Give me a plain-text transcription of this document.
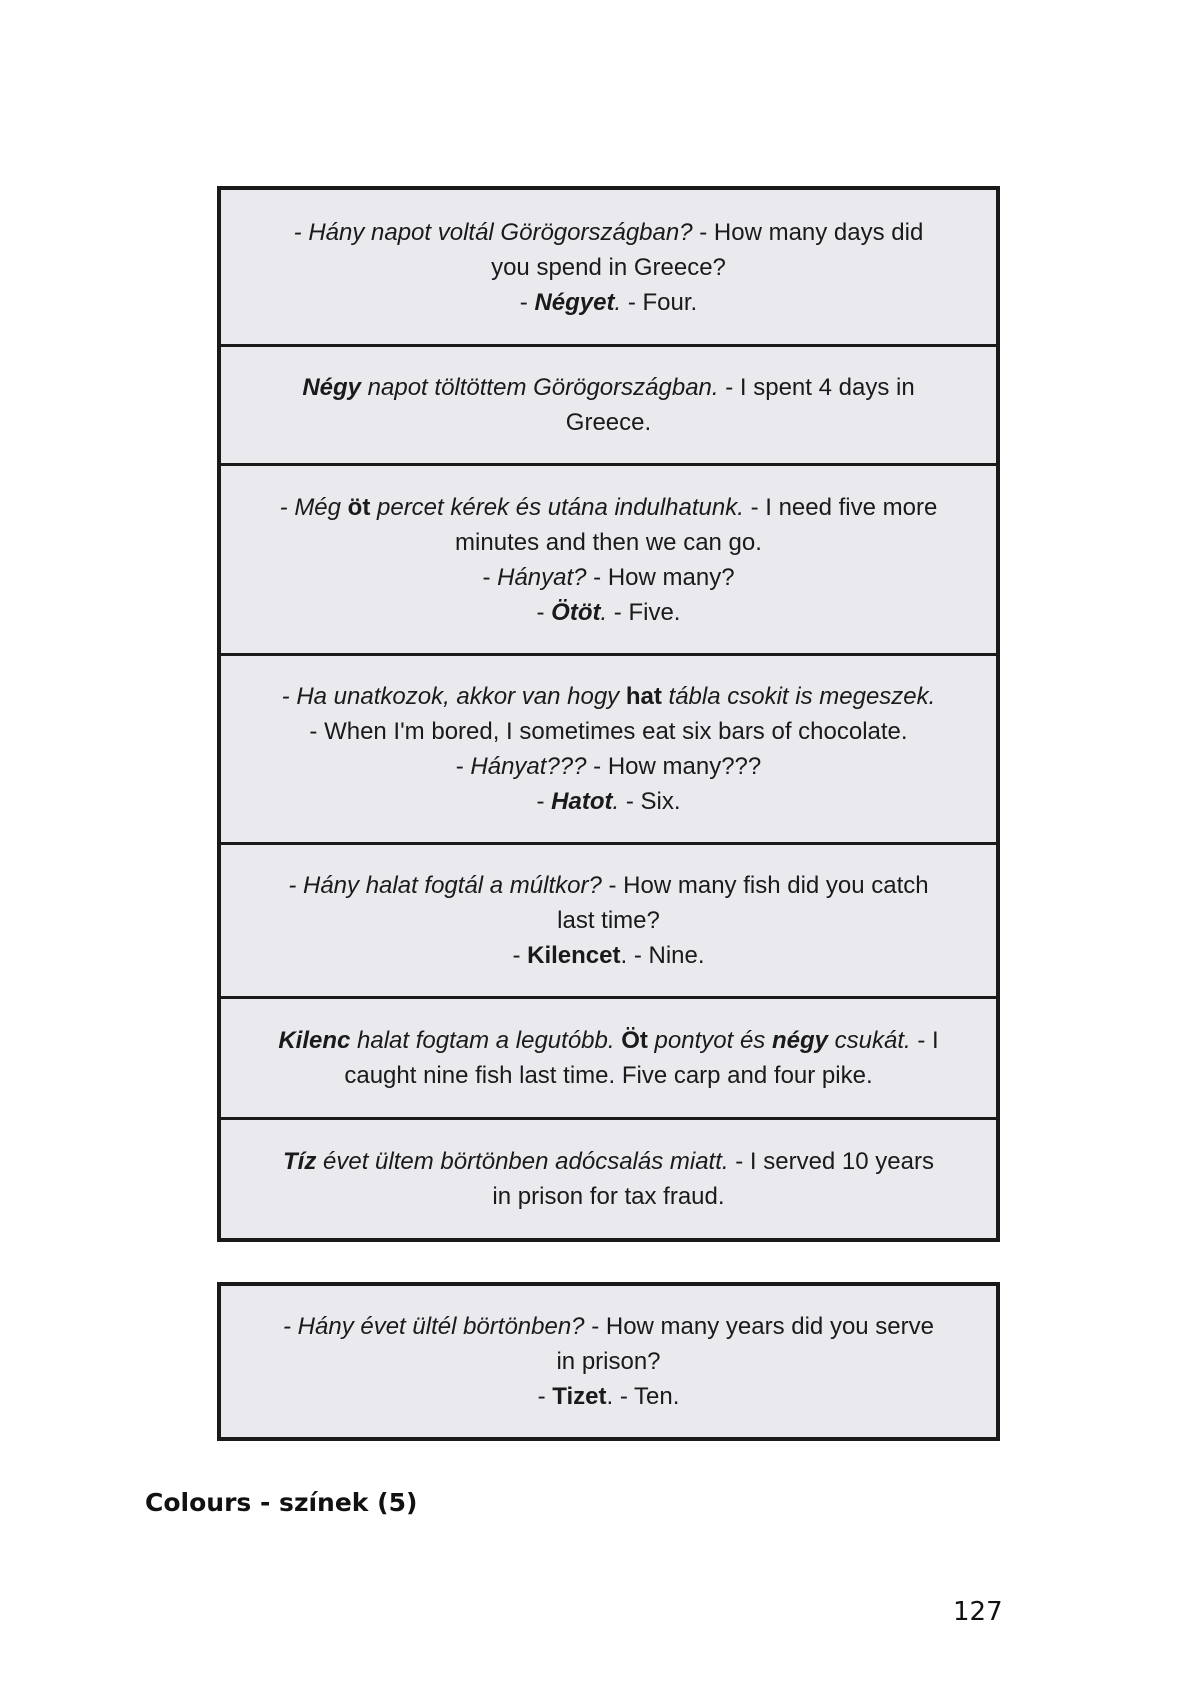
- Hány napot voltál Görögországban? - How many days did
you spend in Greece?
- Négyet. - Four.
Négy napot töltöttem Görögországban. - I spent 4 days in
Greece.
- Még öt percet kérek és utána indulhatunk. - I need five more
minutes and then we can go.
- Hányat? - How many?
- Ötöt. - Five.
- Ha unatkozok, akkor van hogy hat tábla csokit is megeszek.
- When I'm bored, I sometimes eat six bars of chocolate.
- Hányat??? - How many???
- Hatot. - Six.
- Hány halat fogtál a múltkor? - How many fish did you catch
last time?
- Kilencet. - Nine.
Kilenc halat fogtam a legutóbb. Öt pontyot és négy csukát. - I
caught nine fish last time. Five carp and four pike.
Tíz évet ültem börtönben adócsalás miatt. - I served 10 years
in prison for tax fraud.
- Hány évet ültél börtönben? - How many years did you serve
in prison?
- Tizet. - Ten.
Colours - színek (5)
127
